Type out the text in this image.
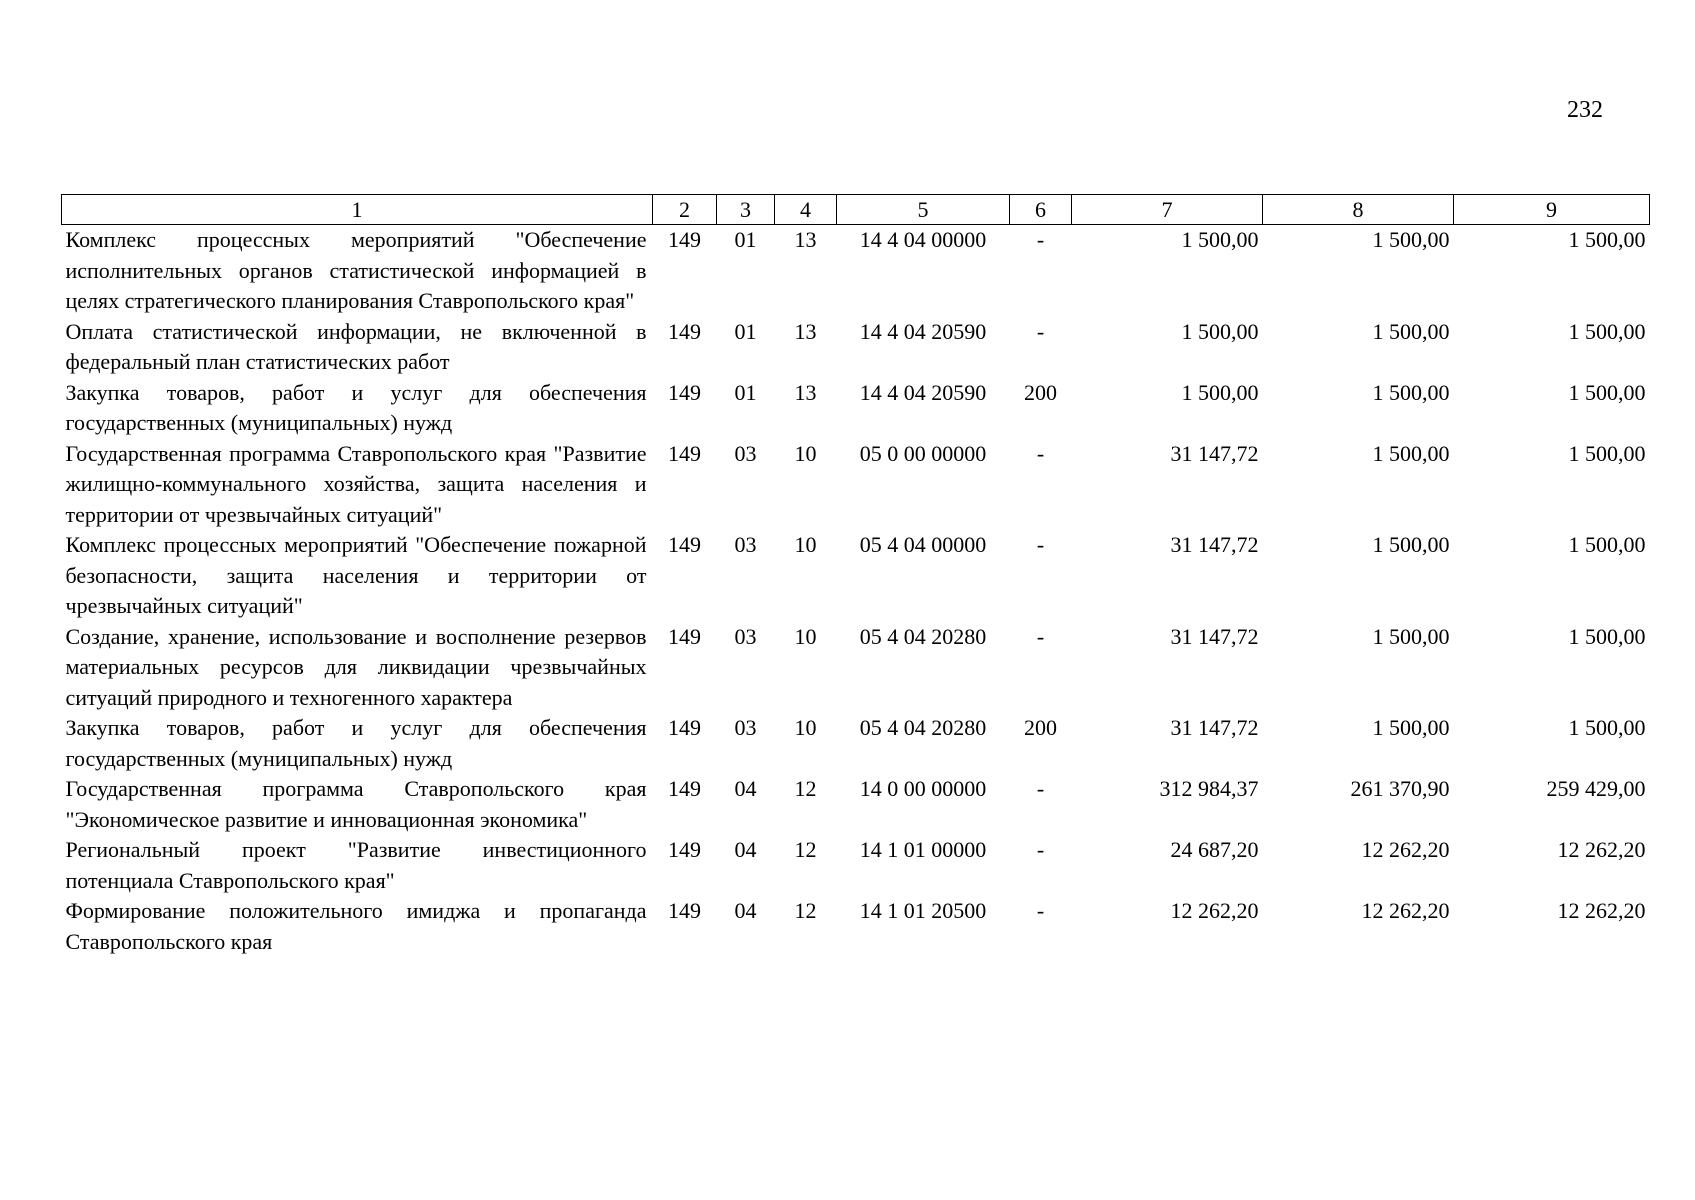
232
1	2	3	4	5	6	7	8	9
Комплекс процессных мероприятий "Обеспечение исполнительных органов статистической информацией в целях стратегического планирования Ставропольского края"	149	01	13	14 4 04 00000	-	1 500,00	1 500,00	1 500,00
Оплата статистической информации, не включенной в федеральный план статистических работ	149	01	13	14 4 04 20590	-	1 500,00	1 500,00	1 500,00
Закупка товаров, работ и услуг для обеспечения государственных (муниципальных) нужд	149	01	13	14 4 04 20590	200	1 500,00	1 500,00	1 500,00
Государственная программа Ставропольского края "Развитие жилищно-коммунального хозяйства, защита населения и территории от чрезвычайных ситуаций"	149	03	10	05 0 00 00000	-	31 147,72	1 500,00	1 500,00
Комплекс процессных мероприятий "Обеспечение пожарной безопасности, защита населения и территории от чрезвычайных ситуаций"	149	03	10	05 4 04 00000	-	31 147,72	1 500,00	1 500,00
Создание, хранение, использование и восполнение резервов материальных ресурсов для ликвидации чрезвычайных ситуаций природного и техногенного характера	149	03	10	05 4 04 20280	-	31 147,72	1 500,00	1 500,00
Закупка товаров, работ и услуг для обеспечения государственных (муниципальных) нужд	149	03	10	05 4 04 20280	200	31 147,72	1 500,00	1 500,00
Государственная программа Ставропольского края "Экономическое развитие и инновационная экономика"	149	04	12	14 0 00 00000	-	312 984,37	261 370,90	259 429,00
Региональный проект "Развитие инвестиционного потенциала Ставропольского края"	149	04	12	14 1 01 00000	-	24 687,20	12 262,20	12 262,20
Формирование положительного имиджа и пропаганда Ставропольского края	149	04	12	14 1 01 20500	-	12 262,20	12 262,20	12 262,20
